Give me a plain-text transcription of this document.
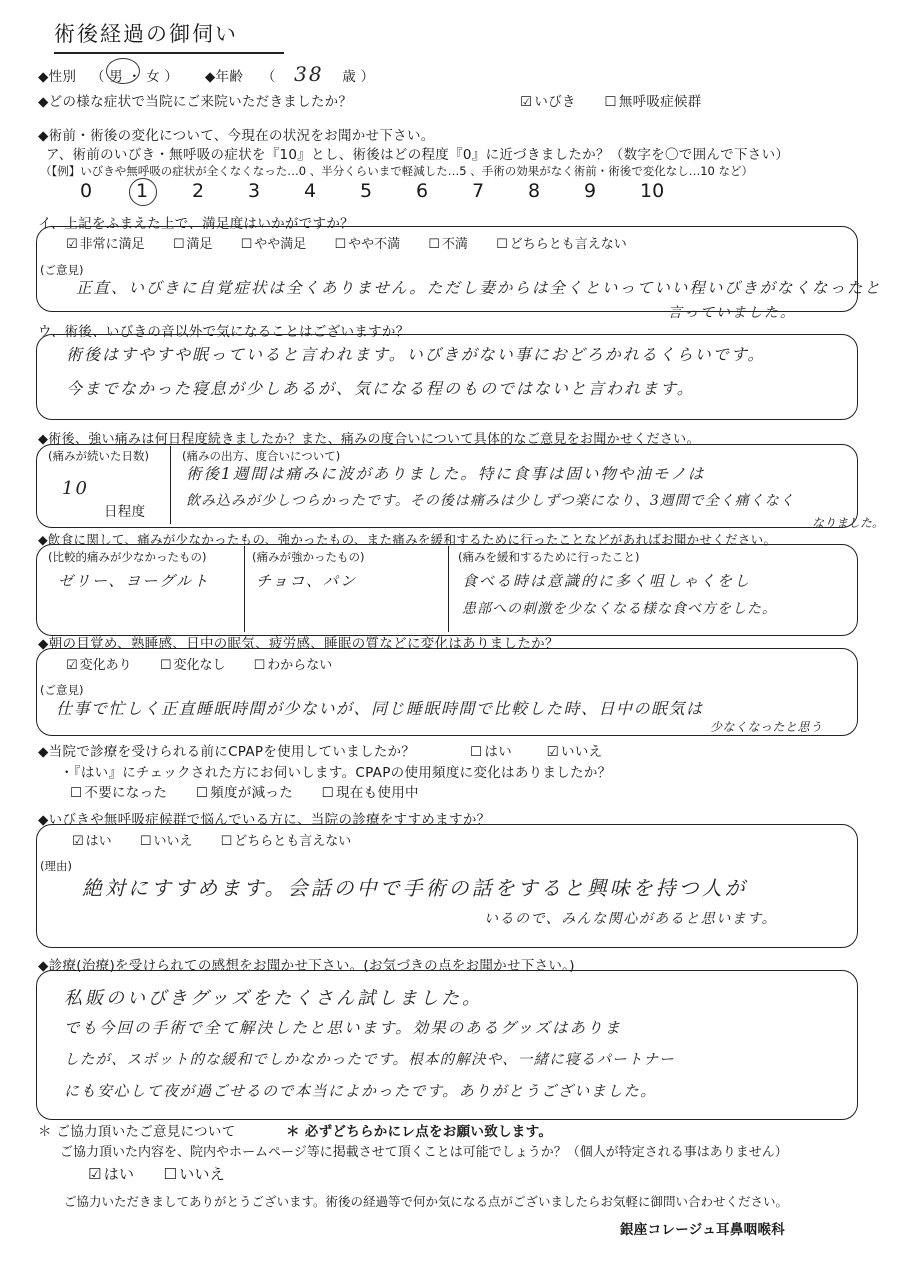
術後経過の御伺い
◆性別 （ 男 ・ 女 ） ◆年齢 （ 38 歳 ）
◆どの様な症状で当院にご来院いただきましたか？	☑ いびき	☐ 無呼吸症候群
◆術前・術後の変化について、今現在の状況をお聞かせ下さい。
ア、術前のいびき・無呼吸の症状を『10』とし、術後はどの程度『0』に近づきましたか？（数字を〇で囲んで下さい）
（【例】いびきや無呼吸の症状が全くなくなった…0 、半分くらいまで軽減した…5 、手術の効果がなく術前・術後で変化なし…10 など）
0 1 2 3 4 5 6 7 8 9 10
イ、上記をふまえた上で、満足度はいかがですか？
☑ 非常に満足	☐ 満足	☐ やや満足	☐ やや不満	☐ 不満	☐ どちらとも言えない
(ご意見)
正直、いびきに自覚症状は全くありません。ただし妻からは全くといっていい程いびきがなくなったと
言っていました。
ウ、術後、いびきの音以外で気になることはございますか？
術後はすやすや眠っていると言われます。いびきがない事におどろかれるくらいです。
今までなかった寝息が少しあるが、気になる程のものではないと言われます。
◆術後、強い痛みは何日程度続きましたか？また、痛みの度合いについて具体的なご意見をお聞かせください。
(痛みが続いた日数)
10
日程度
(痛みの出方、度合いについて)
術後1週間は痛みに波がありました。特に食事は固い物や油モノは
飲み込みが少しつらかったです。その後は痛みは少しずつ楽になり、3週間で全く痛くなく
なりました。
◆飲食に関して、痛みが少なかったもの、強かったもの、また痛みを緩和するために行ったことなどがあればお聞かせください。
(比較的痛みが少なかったもの)
ゼリー、ヨーグルト
(痛みが強かったもの)
チョコ、パン
(痛みを緩和するために行ったこと)
食べる時は意識的に多く咀しゃくをし
患部への刺激を少なくなる様な食べ方をした。
◆朝の目覚め、熟睡感、日中の眠気、疲労感、睡眠の質などに変化はありましたか？
☑ 変化あり	☐ 変化なし	☐ わからない
(ご意見)
仕事で忙しく正直睡眠時間が少ないが、同じ睡眠時間で比較した時、日中の眠気は
少なくなったと思う
◆当院で診療を受けられる前にCPAPを使用していましたか？	☐ はい	☑ いいえ
・『はい』にチェックされた方にお伺いします。CPAPの使用頻度に変化はありましたか？
☐ 不要になった	☐ 頻度が減った	☐ 現在も使用中
◆いびきや無呼吸症候群で悩んでいる方に、当院の診療をすすめますか？
☑ はい	☐ いいえ	☐ どちらとも言えない
(理由)
絶対にすすめます。会話の中で手術の話をすると興味を持つ人が
いるので、みんな関心があると思います。
◆診療(治療)を受けられての感想をお聞かせ下さい。(お気づきの点をお聞かせ下さい。)
私販のいびきグッズをたくさん試しました。
でも今回の手術で全て解決したと思います。効果のあるグッズはありま
したが、スポット的な緩和でしかなかったです。根本的解決や、一緒に寝るパートナー
にも安心して夜が過ごせるので本当によかったです。ありがとうございました。
＊ ご協力頂いたご意見について	＊ 必ずどちらかにレ点をお願い致します。
ご協力頂いた内容を、院内やホームページ等に掲載させて頂くことは可能でしょうか？（個人が特定される事はありません）
☑ はい	☐ いいえ
ご協力いただきましてありがとうございます。術後の経過等で何か気になる点がございましたらお気軽に御問い合わせください。
銀座コレージュ耳鼻咽喉科
